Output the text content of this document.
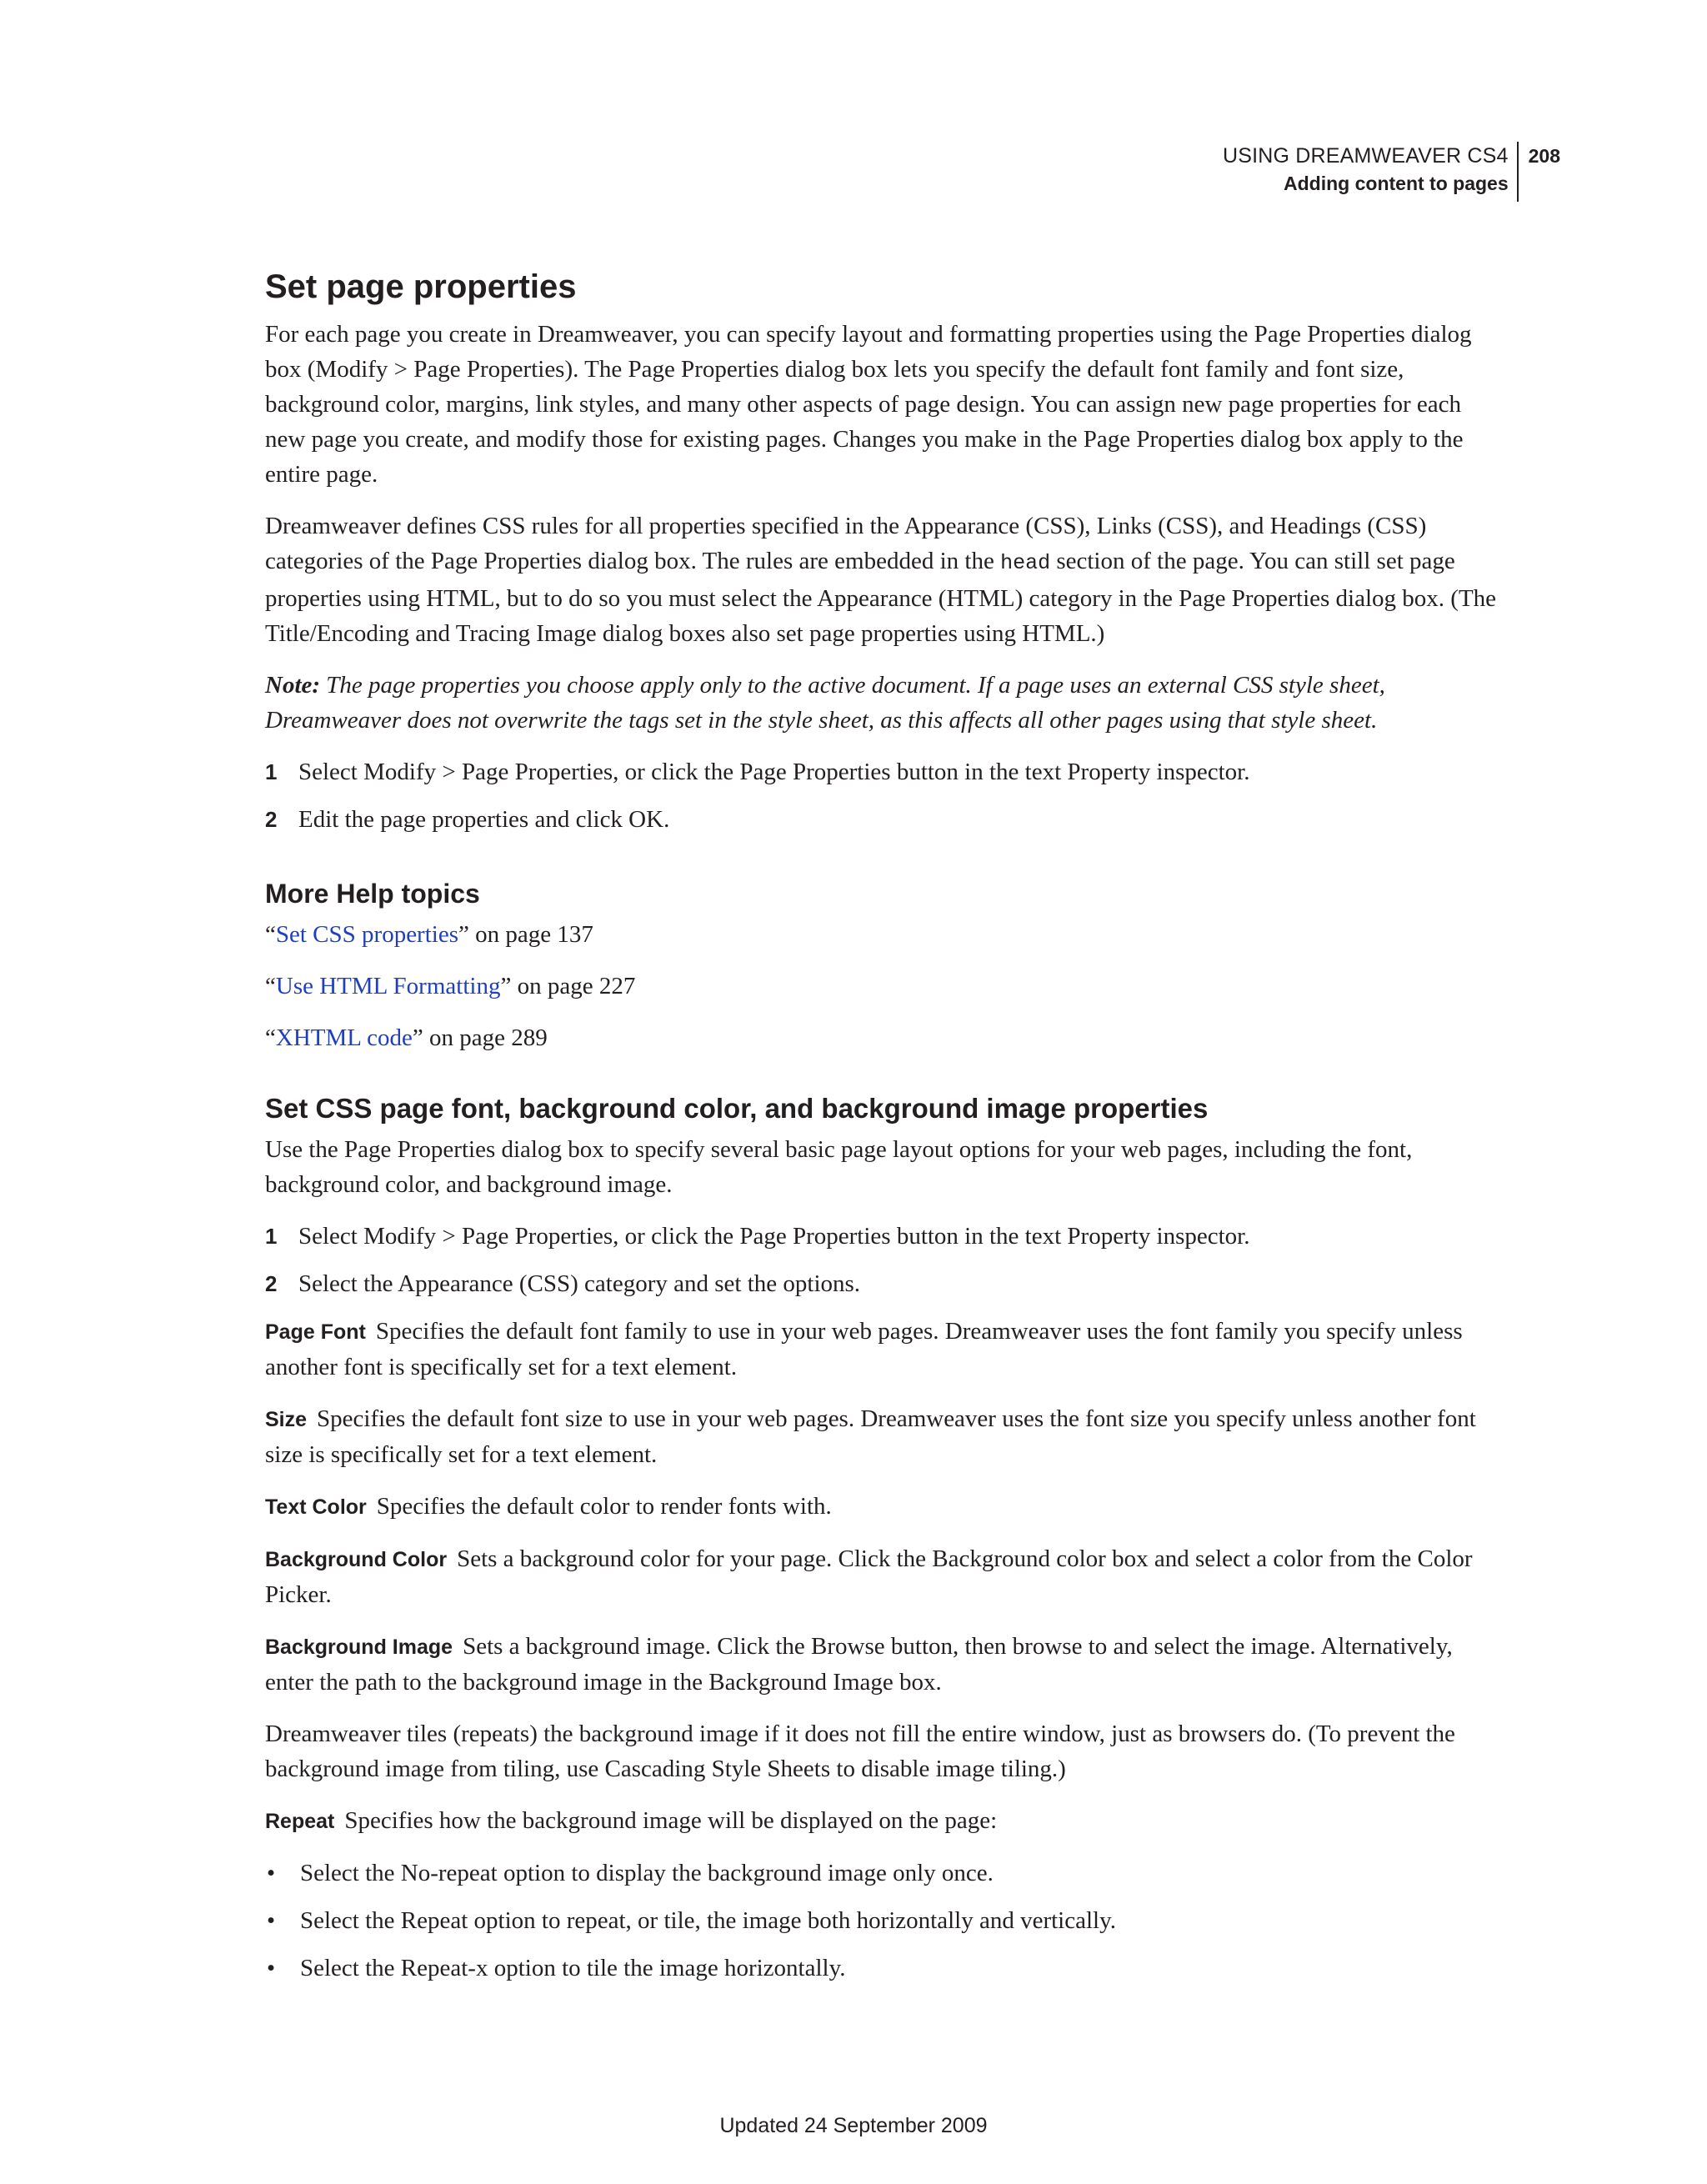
USING DREAMWEAVER CS4
Adding content to pages
208
Set page properties

For each page you create in Dreamweaver, you can specify layout and formatting properties using the Page Properties dialog box (Modify > Page Properties). The Page Properties dialog box lets you specify the default font family and font size, background color, margins, link styles, and many other aspects of page design. You can assign new page properties for each new page you create, and modify those for existing pages. Changes you make in the Page Properties dialog box apply to the entire page.

Dreamweaver defines CSS rules for all properties specified in the Appearance (CSS), Links (CSS), and Headings (CSS) categories of the Page Properties dialog box. The rules are embedded in the head section of the page. You can still set page properties using HTML, but to do so you must select the Appearance (HTML) category in the Page Properties dialog box. (The Title/Encoding and Tracing Image dialog boxes also set page properties using HTML.)

Note: The page properties you choose apply only to the active document. If a page uses an external CSS style sheet, Dreamweaver does not overwrite the tags set in the style sheet, as this affects all other pages using that style sheet.

1 Select Modify > Page Properties, or click the Page Properties button in the text Property inspector.
2 Edit the page properties and click OK.
More Help topics
“Set CSS properties” on page 137
“Use HTML Formatting” on page 227
“XHTML code” on page 289
Set CSS page font, background color, and background image properties

Use the Page Properties dialog box to specify several basic page layout options for your web pages, including the font, background color, and background image.

1 Select Modify > Page Properties, or click the Page Properties button in the text Property inspector.
2 Select the Appearance (CSS) category and set the options.

Page Font Specifies the default font family to use in your web pages. Dreamweaver uses the font family you specify unless another font is specifically set for a text element.

Size Specifies the default font size to use in your web pages. Dreamweaver uses the font size you specify unless another font size is specifically set for a text element.

Text Color Specifies the default color to render fonts with.

Background Color Sets a background color for your page. Click the Background color box and select a color from the Color Picker.

Background Image Sets a background image. Click the Browse button, then browse to and select the image. Alternatively, enter the path to the background image in the Background Image box.

Dreamweaver tiles (repeats) the background image if it does not fill the entire window, just as browsers do. (To prevent the background image from tiling, use Cascading Style Sheets to disable image tiling.)

Repeat Specifies how the background image will be displayed on the page:

•	Select the No-repeat option to display the background image only once.
•	Select the Repeat option to repeat, or tile, the image both horizontally and vertically.
•	Select the Repeat-x option to tile the image horizontally.
Updated 24 September 2009
